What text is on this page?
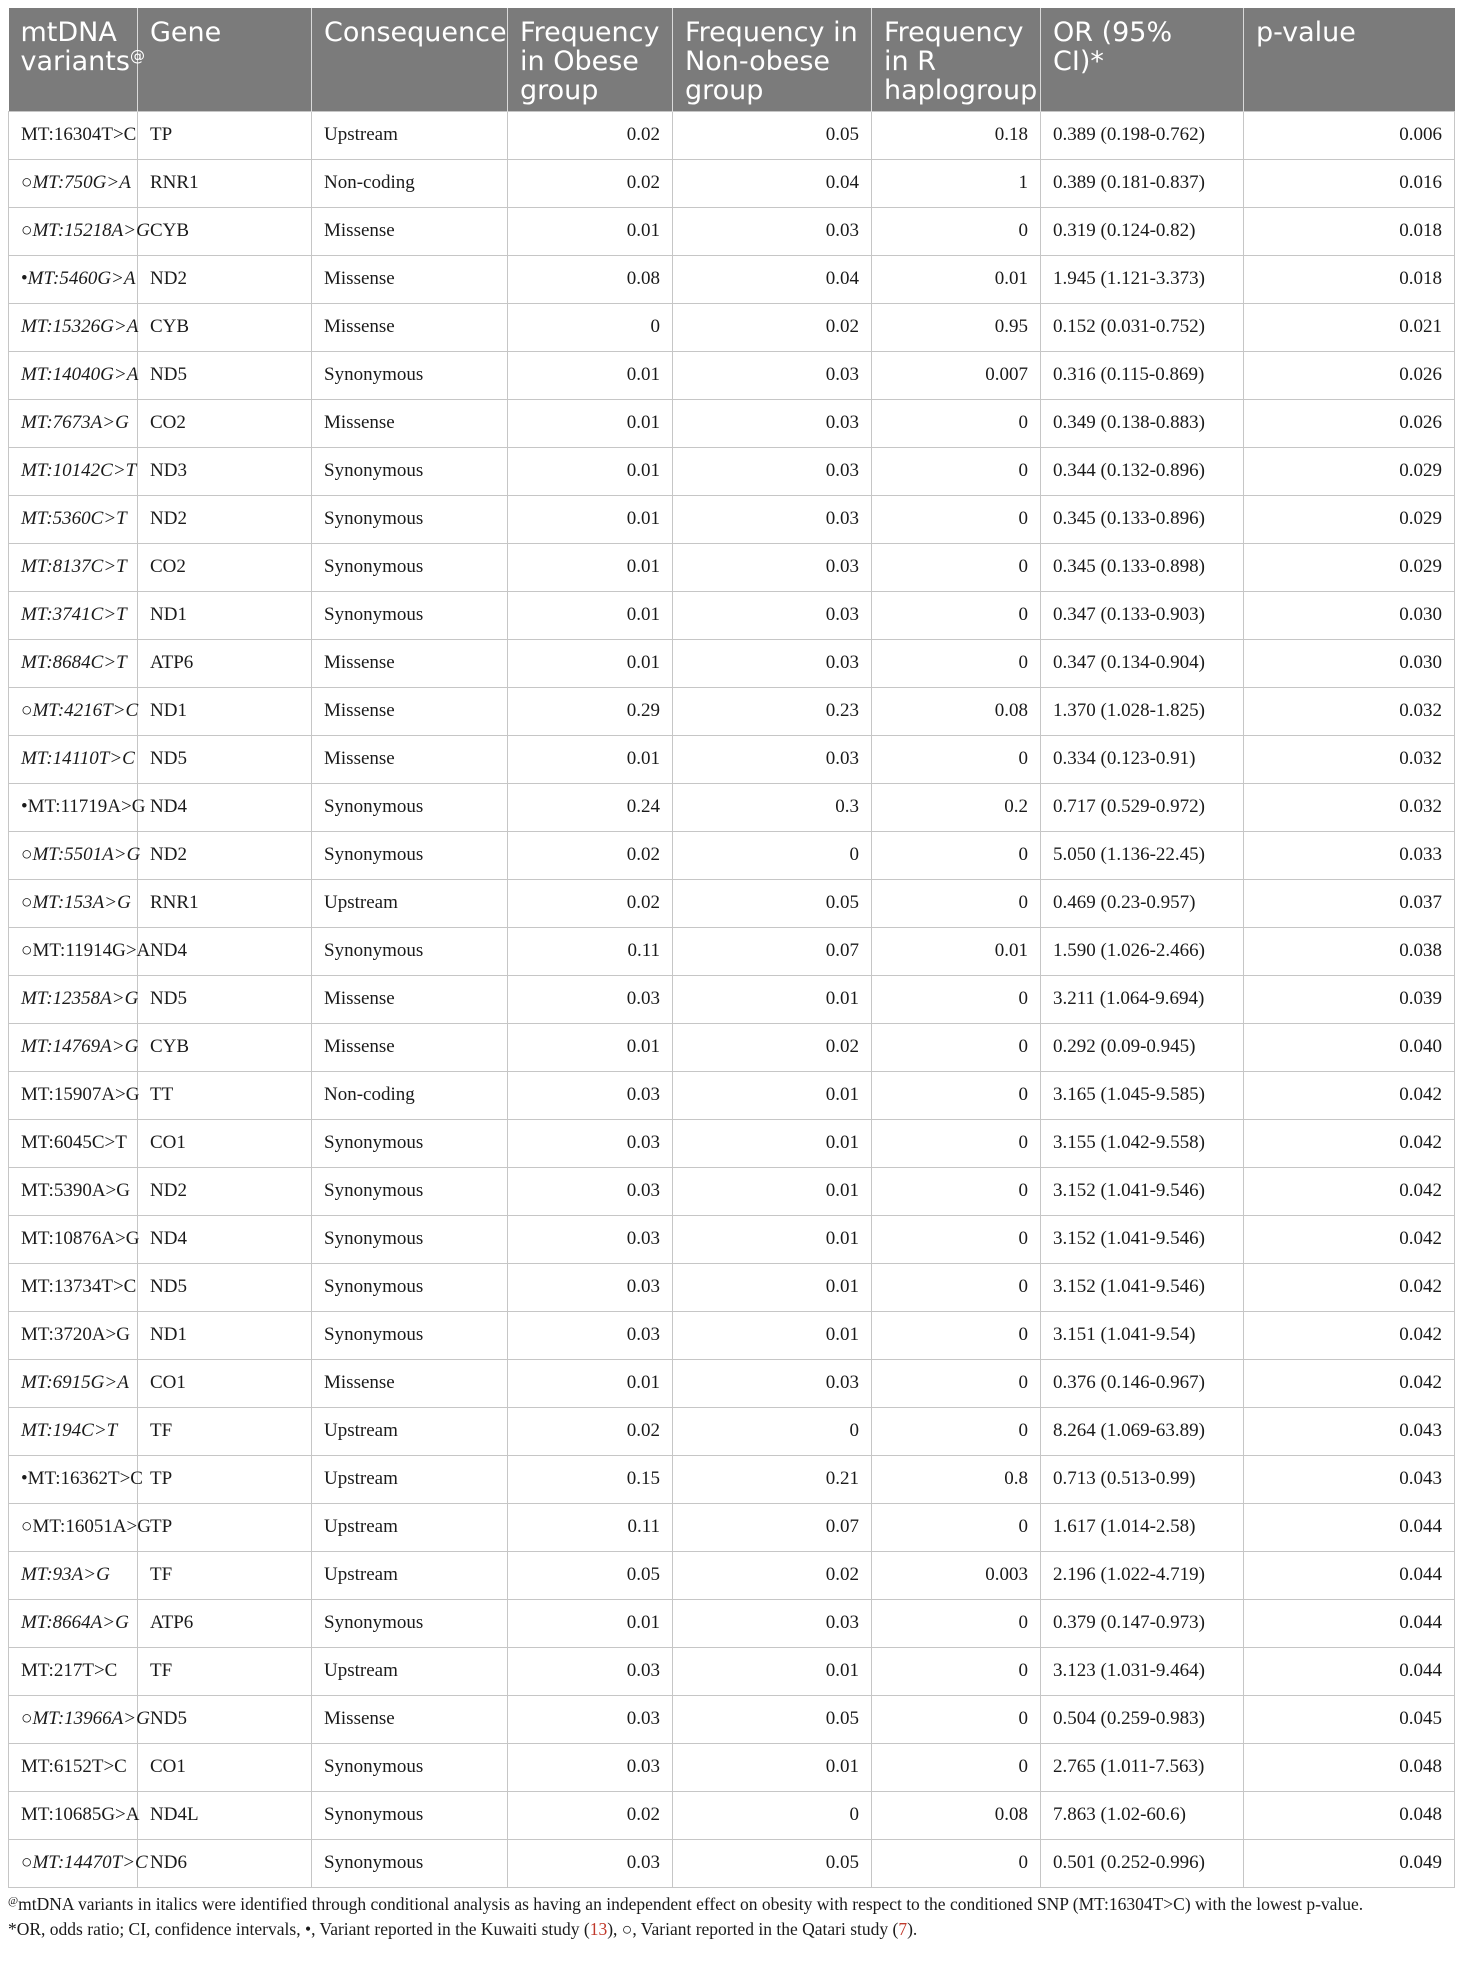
mtDNA variants@	Gene	Consequence	Frequency in Obese group	Frequency in Non-obese group	Frequency in R haplogroup	OR (95% CI)*	p-value
MT:16304T>C	TP	Upstream	0.02	0.05	0.18	0.389 (0.198-0.762)	0.006
○MT:750G>A	RNR1	Non-coding	0.02	0.04	1	0.389 (0.181-0.837)	0.016
○MT:15218A>G	CYB	Missense	0.01	0.03	0	0.319 (0.124-0.82)	0.018
•MT:5460G>A	ND2	Missense	0.08	0.04	0.01	1.945 (1.121-3.373)	0.018
MT:15326G>A	CYB	Missense	0	0.02	0.95	0.152 (0.031-0.752)	0.021
MT:14040G>A	ND5	Synonymous	0.01	0.03	0.007	0.316 (0.115-0.869)	0.026
MT:7673A>G	CO2	Missense	0.01	0.03	0	0.349 (0.138-0.883)	0.026
MT:10142C>T	ND3	Synonymous	0.01	0.03	0	0.344 (0.132-0.896)	0.029
MT:5360C>T	ND2	Synonymous	0.01	0.03	0	0.345 (0.133-0.896)	0.029
MT:8137C>T	CO2	Synonymous	0.01	0.03	0	0.345 (0.133-0.898)	0.029
MT:3741C>T	ND1	Synonymous	0.01	0.03	0	0.347 (0.133-0.903)	0.030
MT:8684C>T	ATP6	Missense	0.01	0.03	0	0.347 (0.134-0.904)	0.030
○MT:4216T>C	ND1	Missense	0.29	0.23	0.08	1.370 (1.028-1.825)	0.032
MT:14110T>C	ND5	Missense	0.01	0.03	0	0.334 (0.123-0.91)	0.032
•MT:11719A>G	ND4	Synonymous	0.24	0.3	0.2	0.717 (0.529-0.972)	0.032
○MT:5501A>G	ND2	Synonymous	0.02	0	0	5.050 (1.136-22.45)	0.033
○MT:153A>G	RNR1	Upstream	0.02	0.05	0	0.469 (0.23-0.957)	0.037
○MT:11914G>A	ND4	Synonymous	0.11	0.07	0.01	1.590 (1.026-2.466)	0.038
MT:12358A>G	ND5	Missense	0.03	0.01	0	3.211 (1.064-9.694)	0.039
MT:14769A>G	CYB	Missense	0.01	0.02	0	0.292 (0.09-0.945)	0.040
MT:15907A>G	TT	Non-coding	0.03	0.01	0	3.165 (1.045-9.585)	0.042
MT:6045C>T	CO1	Synonymous	0.03	0.01	0	3.155 (1.042-9.558)	0.042
MT:5390A>G	ND2	Synonymous	0.03	0.01	0	3.152 (1.041-9.546)	0.042
MT:10876A>G	ND4	Synonymous	0.03	0.01	0	3.152 (1.041-9.546)	0.042
MT:13734T>C	ND5	Synonymous	0.03	0.01	0	3.152 (1.041-9.546)	0.042
MT:3720A>G	ND1	Synonymous	0.03	0.01	0	3.151 (1.041-9.54)	0.042
MT:6915G>A	CO1	Missense	0.01	0.03	0	0.376 (0.146-0.967)	0.042
MT:194C>T	TF	Upstream	0.02	0	0	8.264 (1.069-63.89)	0.043
•MT:16362T>C	TP	Upstream	0.15	0.21	0.8	0.713 (0.513-0.99)	0.043
○MT:16051A>G	TP	Upstream	0.11	0.07	0	1.617 (1.014-2.58)	0.044
MT:93A>G	TF	Upstream	0.05	0.02	0.003	2.196 (1.022-4.719)	0.044
MT:8664A>G	ATP6	Synonymous	0.01	0.03	0	0.379 (0.147-0.973)	0.044
MT:217T>C	TF	Upstream	0.03	0.01	0	3.123 (1.031-9.464)	0.044
○MT:13966A>G	ND5	Missense	0.03	0.05	0	0.504 (0.259-0.983)	0.045
MT:6152T>C	CO1	Synonymous	0.03	0.01	0	2.765 (1.011-7.563)	0.048
MT:10685G>A	ND4L	Synonymous	0.02	0	0.08	7.863 (1.02-60.6)	0.048
○MT:14470T>C	ND6	Synonymous	0.03	0.05	0	0.501 (0.252-0.996)	0.049
@mtDNA variants in italics were identified through conditional analysis as having an independent effect on obesity with respect to the conditioned SNP (MT:16304T>C) with the lowest p-value.
*OR, odds ratio; CI, confidence intervals, •, Variant reported in the Kuwaiti study (13), ○, Variant reported in the Qatari study (7).
